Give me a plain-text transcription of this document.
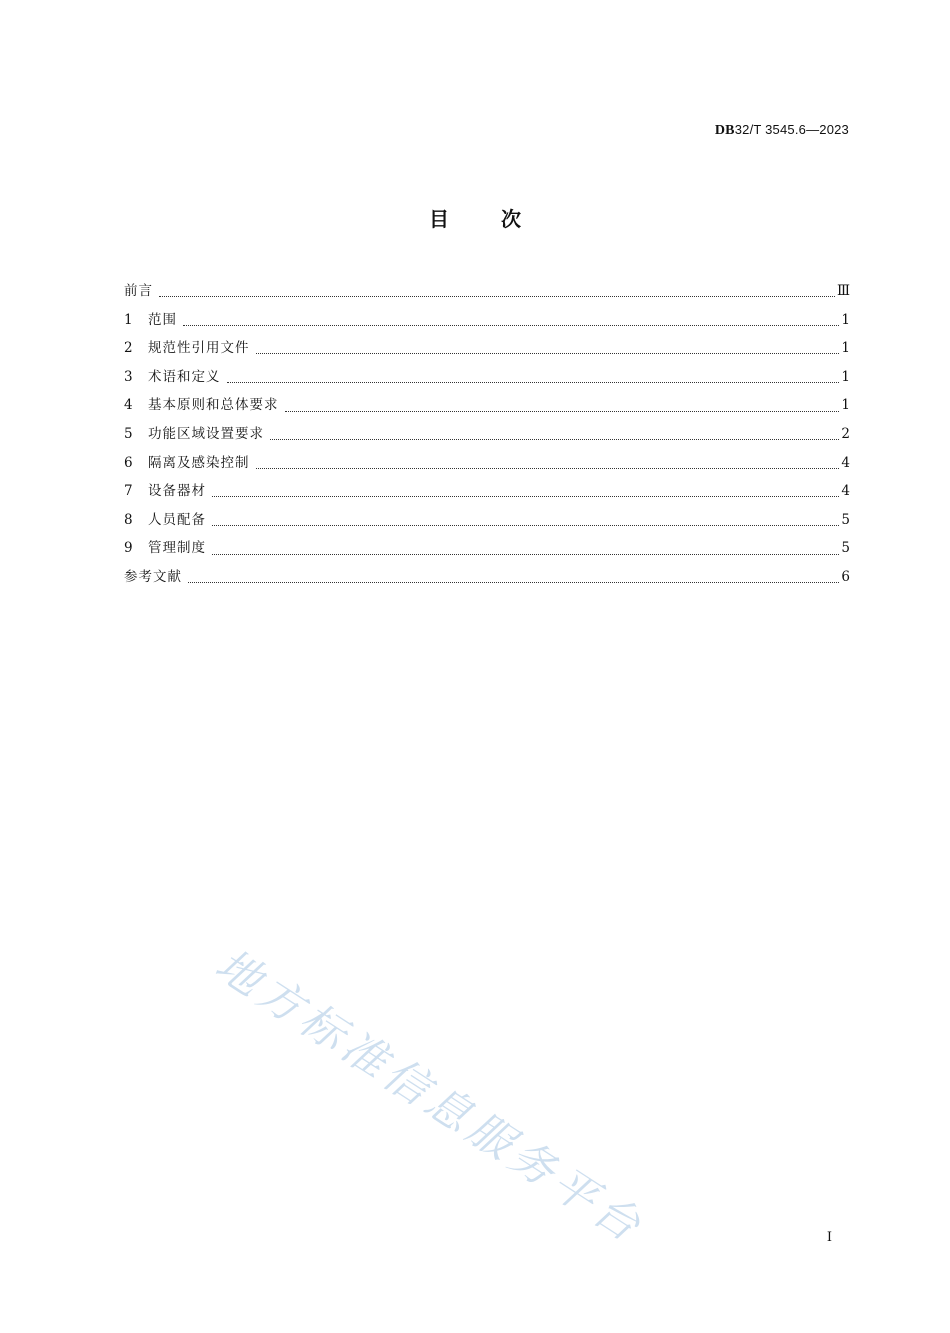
DB32/T 3545.6—2023
目次
前言	Ⅲ
1	范围	1
2	规范性引用文件	1
3	术语和定义	1
4	基本原则和总体要求	1
5	功能区域设置要求	2
6	隔离及感染控制	4
7	设备器材	4
8	人员配备	5
9	管理制度	5
参考文献	6
地方标准信息服务平台	I
